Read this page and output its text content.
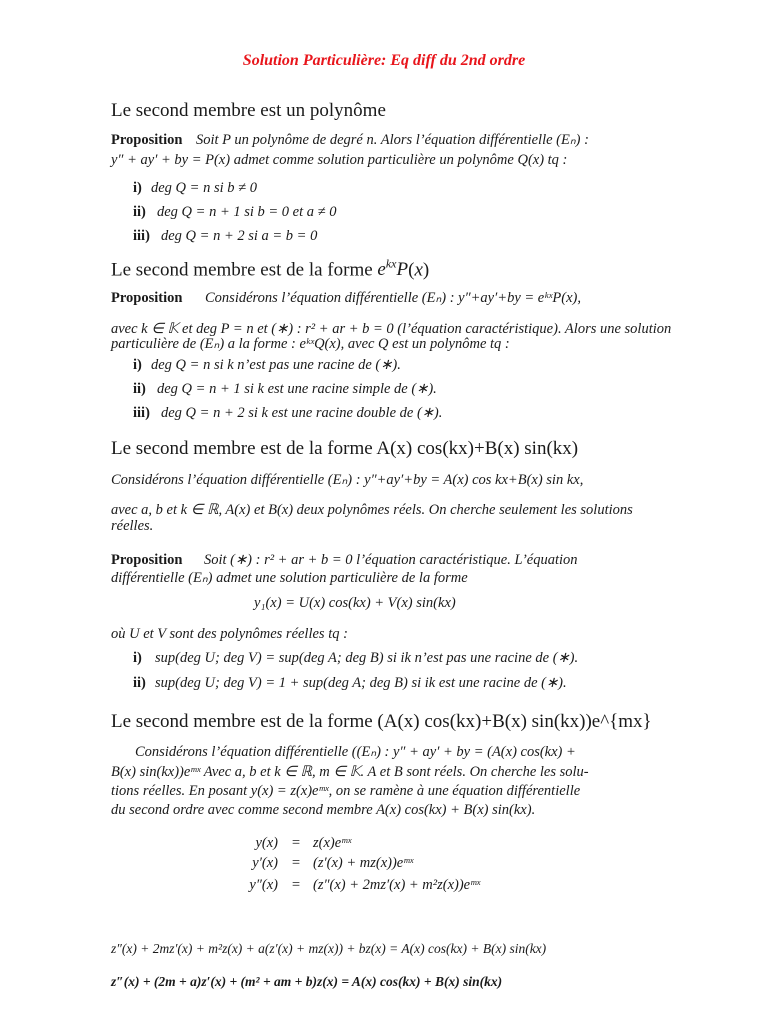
Solution Particulière: Eq diff du 2nd ordre
Le second membre est un polynôme
Proposition Soit P un polynôme de degré n. Alors l’équation différentielle (Eₙ) :
y″ + ay′ + by = P(x) admet comme solution particulière un polynôme Q(x) tq :
i) deg Q = n si b ≠ 0
ii) deg Q = n + 1 si b = 0 et a ≠ 0
iii) deg Q = n + 2 si a = b = 0
Le second membre est de la forme $e^{kx}P(x)$
Proposition Considérons l’équation différentielle (Eₙ) : y″+ay′+by = eᵏˣP(x),
avec k ∈ 𝕂 et deg P = n et (∗) : r² + ar + b = 0 (l’équation caractéristique). Alors une solution
particulière de (Eₙ) a la forme : eᵏˣQ(x), avec Q est un polynôme tq :
i) deg Q = n si k n’est pas une racine de (∗).
ii) deg Q = n + 1 si k est une racine simple de (∗).
iii) deg Q = n + 2 si k est une racine double de (∗).
Le second membre est de la forme A(x) cos(kx)+B(x) sin(kx)
Considérons l’équation différentielle (Eₙ) : y″+ay′+by = A(x) cos kx+B(x) sin kx,
avec a, b et k ∈ ℝ, A(x) et B(x) deux polynômes réels. On cherche seulement les solutions
réelles.
Proposition Soit (∗) : r² + ar + b = 0 l’équation caractéristique. L’équation
différentielle (Eₙ) admet une solution particulière de la forme
y₁(x) = U(x) cos(kx) + V(x) sin(kx)
où U et V sont des polynômes réelles tq :
i) sup(deg U; deg V) = sup(deg A; deg B) si ik n’est pas une racine de (∗).
ii) sup(deg U; deg V) = 1 + sup(deg A; deg B) si ik est une racine de (∗).
Le second membre est de la forme (A(x) cos(kx)+B(x) sin(kx))e^{mx}
Considérons l’équation différentielle ((Eₙ) : y″ + ay′ + by = (A(x) cos(kx) +
B(x) sin(kx))eᵐˣ Avec a, b et k ∈ ℝ, m ∈ 𝕂. A et B sont réels. On cherche les solu-
tions réelles. En posant y(x) = z(x)eᵐˣ, on se ramène à une équation différentielle
du second ordre avec comme second membre A(x) cos(kx) + B(x) sin(kx).
y(x) = z(x)eᵐˣ
y′(x) = (z′(x) + mz(x))eᵐˣ
y″(x) = (z″(x) + 2mz′(x) + m²z(x))eᵐˣ
z″(x) + 2mz′(x) + m²z(x) + a(z′(x) + mz(x)) + bz(x) = A(x) cos(kx) + B(x) sin(kx)
z″(x) + (2m + a)z′(x) + (m² + am + b)z(x) = A(x) cos(kx) + B(x) sin(kx)
